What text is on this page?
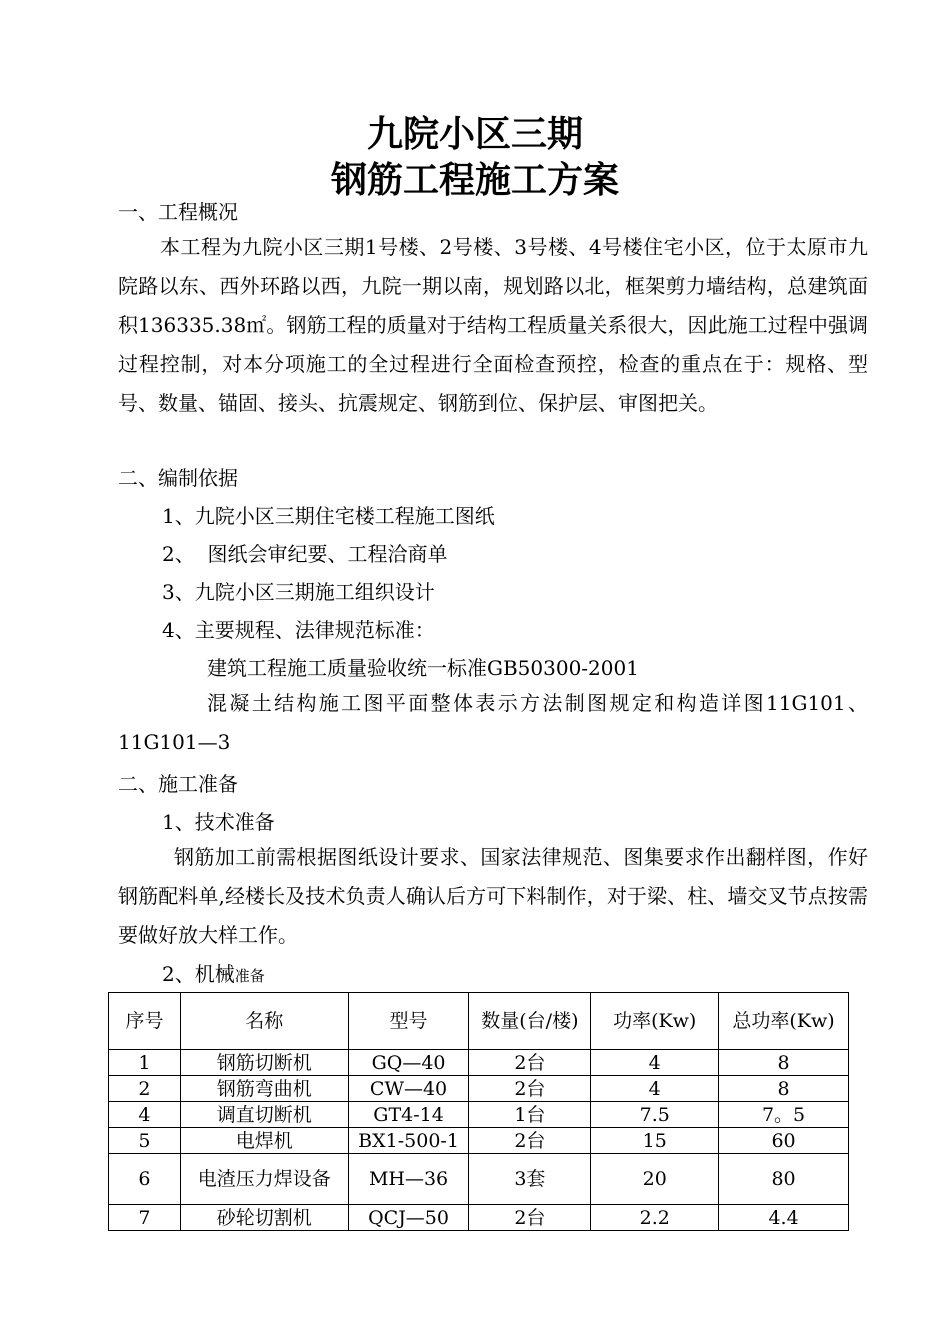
九院小区三期
钢筋工程施工方案
一、工程概况
本工程为九院小区三期1号楼、2号楼、3号楼、4号楼住宅小区，位于太原市九院路以东、西外环路以西，九院一期以南，规划路以北，框架剪力墙结构，总建筑面积136335.38㎡。钢筋工程的质量对于结构工程质量关系很大，因此施工过程中强调过程控制，对本分项施工的全过程进行全面检查预控，检查的重点在于：规格、型号、数量、锚固、接头、抗震规定、钢筋到位、保护层、审图把关。
二、编制依据
1、九院小区三期住宅楼工程施工图纸
2、  图纸会审纪要、工程洽商单
3、九院小区三期施工组织设计
4、主要规程、法律规范标准：
建筑工程施工质量验收统一标准GB50300-2001
混凝土结构施工图平面整体表示方法制图规定和构造详图11G101、11G101—3
二、施工准备
1、技术准备
钢筋加工前需根据图纸设计要求、国家法律规范、图集要求作出翻样图，作好钢筋配料单,经楼长及技术负责人确认后方可下料制作，对于梁、柱、墙交叉节点按需要做好放大样工作。
2、机械准备
序号	名称	型号	数量(台/楼)	功率(Kw)	总功率(Kw)
1	钢筋切断机	GQ—40	2台	4	8
2	钢筋弯曲机	CW—40	2台	4	8
4	调直切断机	GT4-14	1台	7.5	7。5
5	电焊机	BX1-500-1	2台	15	60
6	电渣压力焊设备	MH—36	3套	20	80
7	砂轮切割机	QCJ—50	2台	2.2	4.4
